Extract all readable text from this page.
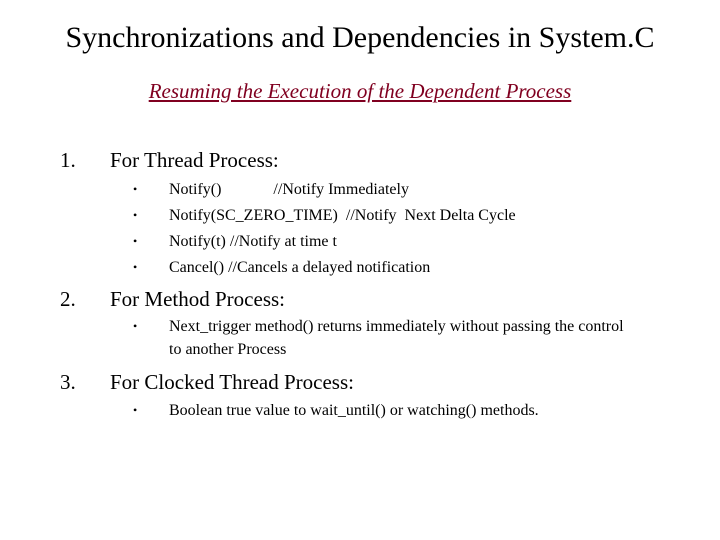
Synchronizations and Dependencies in System.C
Resuming the Execution of the Dependent Process
1. For Thread Process:
• Notify()             //Notify Immediately
• Notify(SC_ZERO_TIME)  //Notify  Next Delta Cycle
• Notify(t) //Notify at time t
• Cancel() //Cancels a delayed notification
2. For Method Process:
• Next_trigger method() returns immediately without passing the control to another Process
3. For Clocked Thread Process:
• Boolean true value to wait_until() or watching() methods.
